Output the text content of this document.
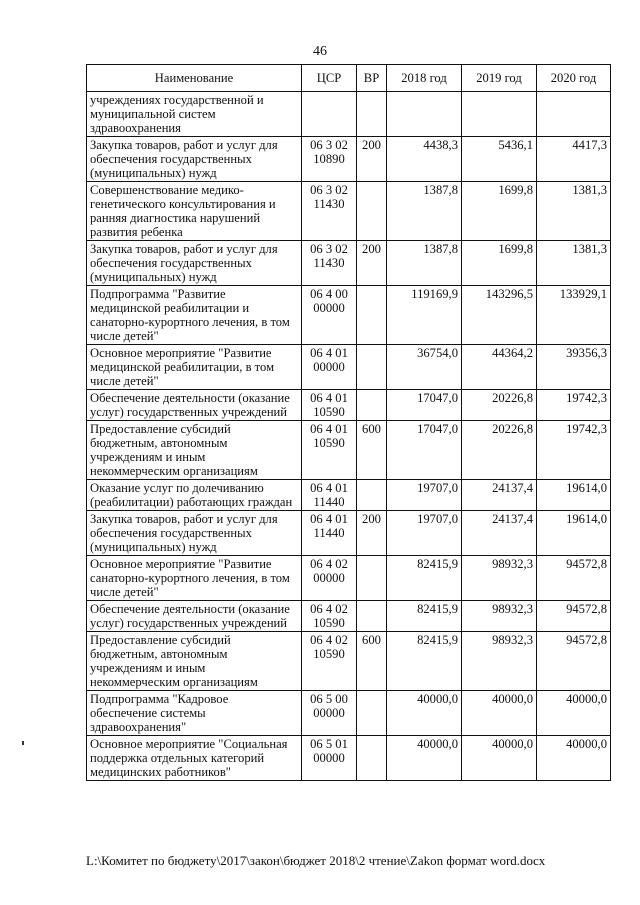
46
Наименование	ЦСР	ВР	2018 год	2019 год	2020 год
учреждениях государственной и муниципальной систем здравоохранения					
Закупка товаров, работ и услуг для обеспечения государственных (муниципальных) нужд	06 3 02 10890	200	4438,3	5436,1	4417,3
Совершенствование медико-генетического консультирования и ранняя диагностика нарушений развития ребенка	06 3 02 11430		1387,8	1699,8	1381,3
Закупка товаров, работ и услуг для обеспечения государственных (муниципальных) нужд	06 3 02 11430	200	1387,8	1699,8	1381,3
Подпрограмма "Развитие медицинской реабилитации и санаторно-курортного лечения, в том числе детей"	06 4 00 00000		119169,9	143296,5	133929,1
Основное мероприятие "Развитие медицинской реабилитации, в том числе детей"	06 4 01 00000		36754,0	44364,2	39356,3
Обеспечение деятельности (оказание услуг) государственных учреждений	06 4 01 10590		17047,0	20226,8	19742,3
Предоставление субсидий бюджетным, автономным учреждениям и иным некоммерческим организациям	06 4 01 10590	600	17047,0	20226,8	19742,3
Оказание услуг по долечиванию (реабилитации) работающих граждан	06 4 01 11440		19707,0	24137,4	19614,0
Закупка товаров, работ и услуг для обеспечения государственных (муниципальных) нужд	06 4 01 11440	200	19707,0	24137,4	19614,0
Основное мероприятие "Развитие санаторно-курортного лечения, в том числе детей"	06 4 02 00000		82415,9	98932,3	94572,8
Обеспечение деятельности (оказание услуг) государственных учреждений	06 4 02 10590		82415,9	98932,3	94572,8
Предоставление субсидий бюджетным, автономным учреждениям и иным некоммерческим организациям	06 4 02 10590	600	82415,9	98932,3	94572,8
Подпрограмма "Кадровое обеспечение системы здравоохранения"	06 5 00 00000		40000,0	40000,0	40000,0
Основное мероприятие "Социальная поддержка отдельных категорий медицинских работников"	06 5 01 00000		40000,0	40000,0	40000,0
L:\Комитет по бюджету\2017\закон\бюджет 2018\2 чтение\Zakon формат word.docx
